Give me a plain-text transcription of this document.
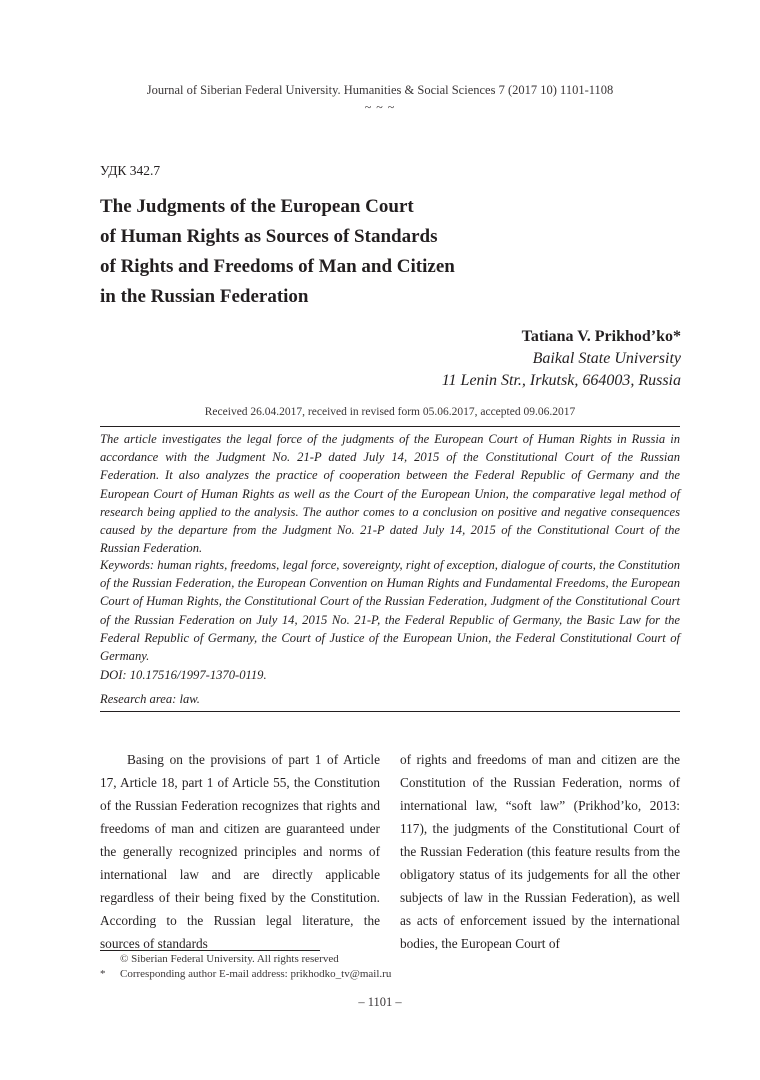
Journal of Siberian Federal University. Humanities & Social Sciences 7 (2017 10) 1101-1108
~ ~ ~
УДК 342.7
The Judgments of the European Court
of Human Rights as Sources of Standards
of Rights and Freedoms of Man and Citizen
in the Russian Federation
Tatiana V. Prikhod’ko*
Baikal State University
11 Lenin Str., Irkutsk, 664003, Russia
Received 26.04.2017, received in revised form 05.06.2017, accepted 09.06.2017
The article investigates the legal force of the judgments of the European Court of Human Rights in Russia in accordance with the Judgment No. 21-P dated July 14, 2015 of the Constitutional Court of the Russian Federation. It also analyzes the practice of cooperation between the Federal Republic of Germany and the European Court of Human Rights as well as the Court of the European Union, the comparative legal method of research being applied to the analysis. The author comes to a conclusion on positive and negative consequences caused by the departure from the Judgment No. 21-P dated July 14, 2015 of the Constitutional Court of the Russian Federation.
Keywords: human rights, freedoms, legal force, sovereignty, right of exception, dialogue of courts, the Constitution of the Russian Federation, the European Convention on Human Rights and Fundamental Freedoms, the European Court of Human Rights, the Constitutional Court of the Russian Federation, Judgment of the Constitutional Court of the Russian Federation on July 14, 2015 No. 21-P, the Federal Republic of Germany, the Basic Law for the Federal Republic of Germany, the Court of Justice of the European Union, the Federal Constitutional Court of Germany.
DOI: 10.17516/1997-1370-0119.
Research area: law.
Basing on the provisions of part 1 of Article 17, Article 18, part 1 of Article 55, the Constitution of the Russian Federation recognizes that rights and freedoms of man and citizen are guaranteed under the generally recognized principles and norms of international law and are directly applicable regardless of their being fixed by the Constitution. According to the Russian legal literature, the sources of standards
of rights and freedoms of man and citizen are the Constitution of the Russian Federation, norms of international law, “soft law” (Prikhod’ko, 2013: 117), the judgments of the Constitutional Court of the Russian Federation (this feature results from the obligatory status of its judgements for all the other subjects of law in the Russian Federation), as well as acts of enforcement issued by the international bodies, the European Court of
© Siberian Federal University. All rights reserved
* Corresponding author E-mail address: prikhodko_tv@mail.ru
– 1101 –
